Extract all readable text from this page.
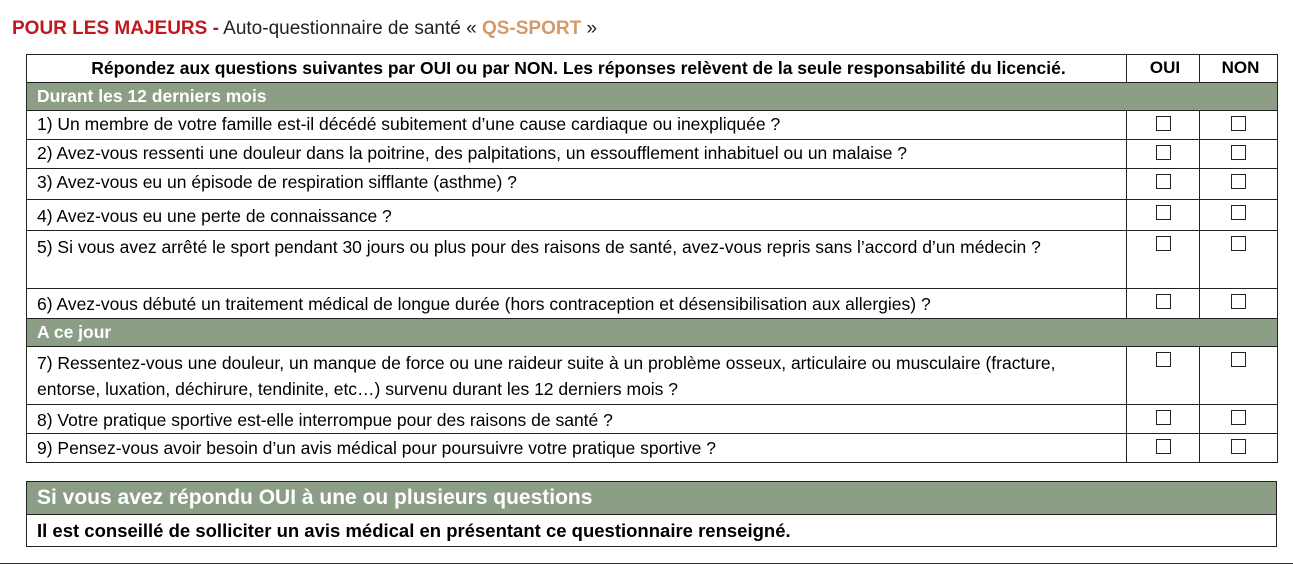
POUR LES MAJEURS - Auto-questionnaire de santé « QS-SPORT »
Répondez aux questions suivantes par OUI ou par NON. Les réponses relèvent de la seule responsabilité du licencié.	OUI	NON
Durant les 12 derniers mois		
1) Un membre de votre famille est-il décédé subitement d’une cause cardiaque ou inexpliquée ?		
2) Avez-vous ressenti une douleur dans la poitrine, des palpitations, un essoufflement inhabituel ou un malaise ?		
3) Avez-vous eu un épisode de respiration sifflante (asthme) ?		
4) Avez-vous eu une perte de connaissance ?		
5) Si vous avez arrêté le sport pendant 30 jours ou plus pour des raisons de santé, avez-vous repris sans l’accord d’un médecin ?		
6) Avez-vous débuté un traitement médical de longue durée (hors contraception et désensibilisation aux allergies) ?		
A ce jour		
7) Ressentez-vous une douleur, un manque de force ou une raideur suite à un problème osseux, articulaire ou musculaire (fracture, entorse, luxation, déchirure, tendinite, etc…) survenu durant les 12 derniers mois ?		
8) Votre pratique sportive est-elle interrompue pour des raisons de santé ?		
9) Pensez-vous avoir besoin d’un avis médical pour poursuivre votre pratique sportive ?		
Si vous avez répondu OUI à une ou plusieurs questions
Il est conseillé de solliciter un avis médical en présentant ce questionnaire renseigné.
